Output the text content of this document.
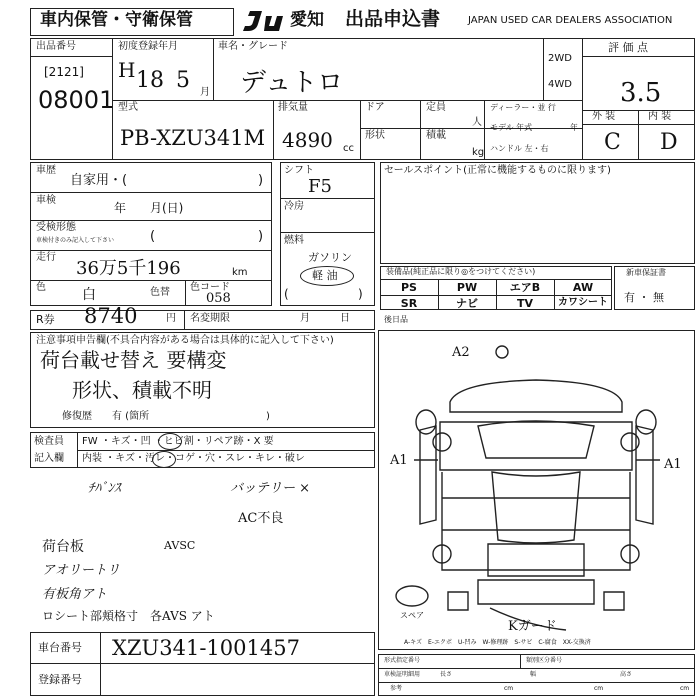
車内保管・守衛保管	愛知 出品申込書	JAPAN USED CAR DEALERS ASSOCIATION
出品番号
[2121]
08001
初度登録年月
H 18 5 月
車名・グレード
デュトロ
2WD
4WD
評 価 点
3.5
外 装	内 装
C D
型式
PB-XZU341M
排気量
4890 cc
ドア	定員
人
形状	積載
kg
ディーラー・並 行
モデル 年式	年
ハンドル 左・右
車歴
自家用・(	)
車検
年　　月(日)
受検形態
車検付きのみ記入して下さい	(	)
走行
36万5千196	km
色	白	色替 色コード
058
シフト
F5
冷房
燃料
ガソリン
軽 油
(	)
セールスポイント(正常に機能するものに限ります)
装備品(純正品に限り◎をつけてください)
PS	PW	エアB	AW
SR	ナビ	TV	カワシート
新車保証書
有 ・ 無
R券 8740	円 名変期限	月	日	後日品
注意事項申告欄(不具合内容がある場合は具体的に記入して下さい)
荷台載せ替え 要構変
形状、積載不明
修復歴 有 (箇所	)
検査員
記入欄
FW ・キズ・凹 ・ヒビ割・リペア跡・X 要
内装 ・キズ・汚レ・コゲ・穴・スレ・キレ・破レ
ﾁﾊﾞﾝｽ	バッテリー ×
AC不良
荷台板	AVSC
アオリートリ
有板角アト
ロシート部頬格寸　各AVS アト
A2
A1	A1
スペア
Kガード
A-キズ　E-エクボ　U-凹み　W-修理跡　S-サビ　C-腐食　XX-交換済
車台番号 XZU341-1001457
登録番号
形式指定番号	類別区分番号
車検証明細用
参考
長さ	幅	高さ
cm	cm	cm
